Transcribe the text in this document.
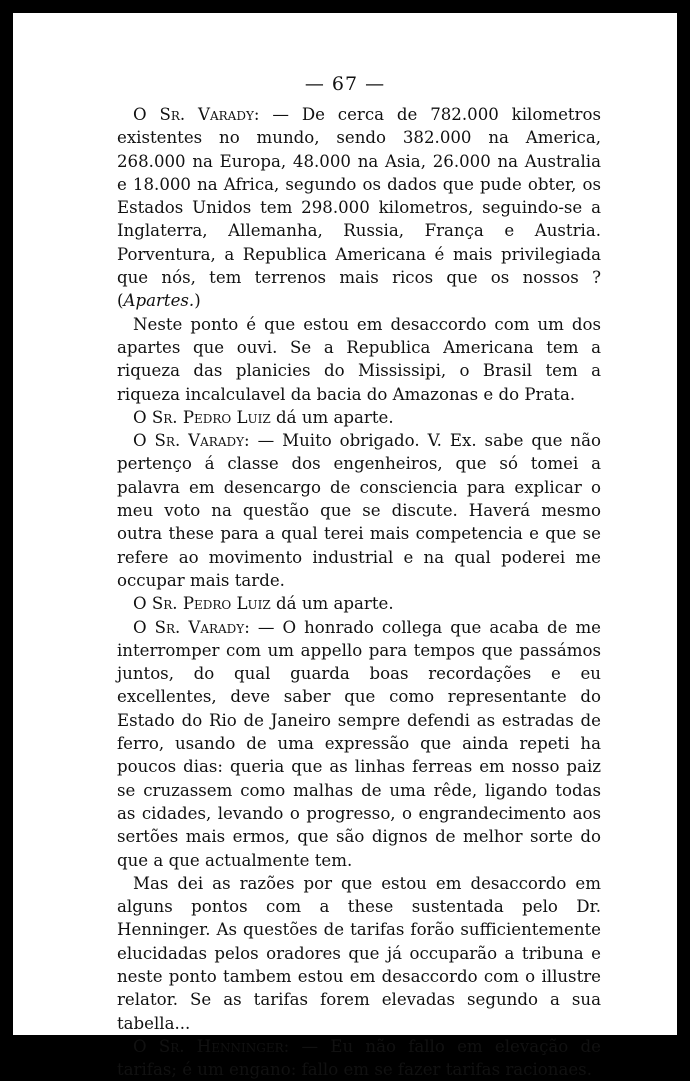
— 67 —

O Sr. Varady: — De cerca de 782.000 kilometros existentes no mundo, sendo 382.000 na America, 268.000 na Europa, 48.000 na Asia, 26.000 na Australia e 18.000 na Africa, segundo os dados que pude obter, os Estados Unidos tem 298.000 kilometros, seguindo-se a Inglaterra, Allemanha, Russia, França e Austria. Porventura, a Republica Americana é mais privilegiada que nós, tem terrenos mais ricos que os nossos ? (Apartes.)

Neste ponto é que estou em desaccordo com um dos apartes que ouvi. Se a Republica Americana tem a riqueza das planicies do Mississipi, o Brasil tem a riqueza incalculavel da bacia do Amazonas e do Prata.

O Sr. Pedro Luiz dá um aparte.

O Sr. Varady: — Muito obrigado. V. Ex. sabe que não pertenço á classe dos engenheiros, que só tomei a palavra em desencargo de consciencia para explicar o meu voto na questão que se discute. Haverá mesmo outra these para a qual terei mais competencia e que se refere ao movimento industrial e na qual poderei me occupar mais tarde.

O Sr. Pedro Luiz dá um aparte.

O Sr. Varady: — O honrado collega que acaba de me interromper com um appello para tempos que passámos juntos, do qual guarda boas recordações e eu excellentes, deve saber que como representante do Estado do Rio de Janeiro sempre defendi as estradas de ferro, usando de uma expressão que ainda repeti ha poucos dias: queria que as linhas ferreas em nosso paiz se cruzassem como malhas de uma rêde, ligando todas as cidades, levando o progresso, o engrandecimento aos sertões mais ermos, que são dignos de melhor sorte do que a que actualmente tem.

Mas dei as razões por que estou em desaccordo em alguns pontos com a these sustentada pelo Dr. Henninger. As questões de tarifas forão sufficientemente elucidadas pelos oradores que já occuparão a tribuna e neste ponto tambem estou em desaccordo com o illustre relator. Se as tarifas forem elevadas segundo a sua tabella...

O Sr. Henninger: — Eu não fallo em elevação de tarifas; é um engano: fallo em se fazer tarifas racionaes.
